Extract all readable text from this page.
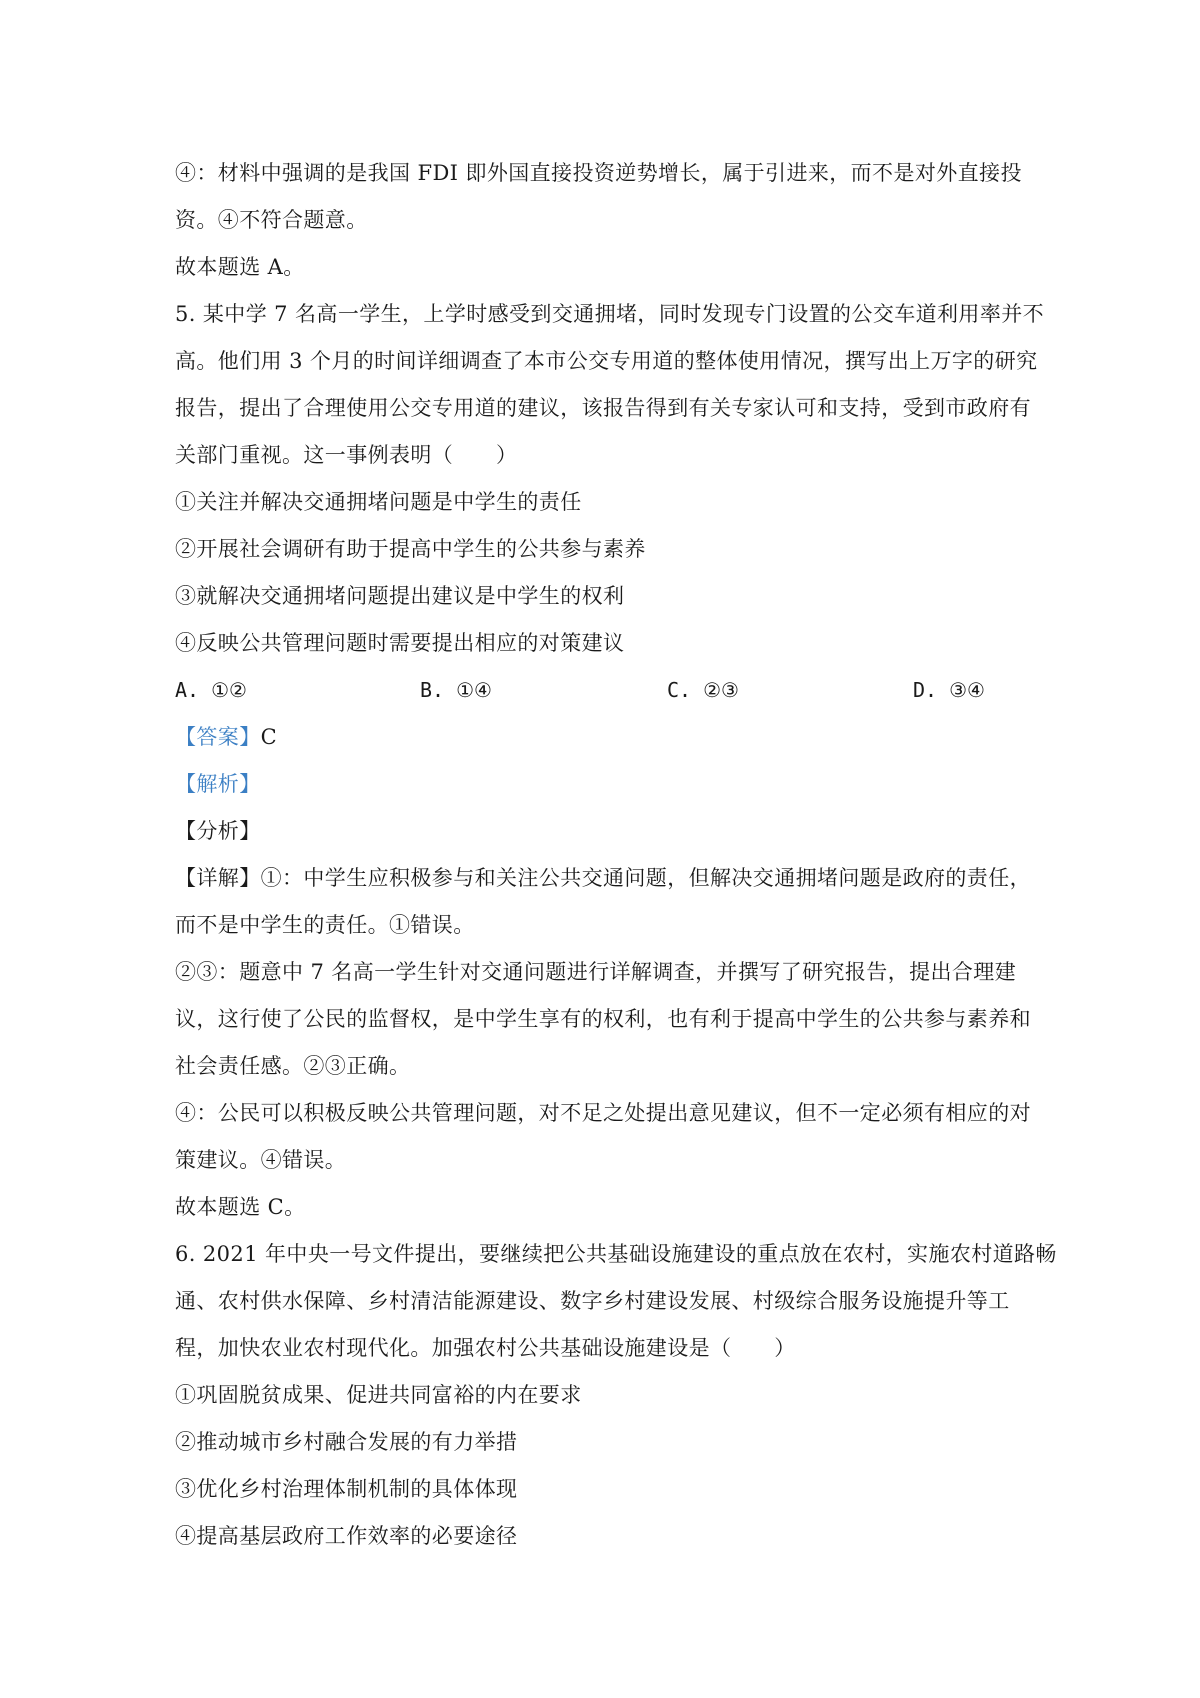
④：材料中强调的是我国 FDI 即外国直接投资逆势增长，属于引进来，而不是对外直接投
资。④不符合题意。
故本题选 A。
5. 某中学 7 名高一学生，上学时感受到交通拥堵，同时发现专门设置的公交车道利用率并不
高。他们用 3 个月的时间详细调查了本市公交专用道的整体使用情况，撰写出上万字的研究
报告，提出了合理使用公交专用道的建议，该报告得到有关专家认可和支持，受到市政府有
关部门重视。这一事例表明（　　）
①关注并解决交通拥堵问题是中学生的责任
②开展社会调研有助于提高中学生的公共参与素养
③就解决交通拥堵问题提出建议是中学生的权利
④反映公共管理问题时需要提出相应的对策建议
A. ①②	B. ①④	C. ②③	D. ③④
【答案】C
【解析】
【分析】
【详解】①：中学生应积极参与和关注公共交通问题，但解决交通拥堵问题是政府的责任，
而不是中学生的责任。①错误。
②③：题意中 7 名高一学生针对交通问题进行详解调查，并撰写了研究报告，提出合理建
议，这行使了公民的监督权，是中学生享有的权利，也有利于提高中学生的公共参与素养和
社会责任感。②③正确。
④：公民可以积极反映公共管理问题，对不足之处提出意见建议，但不一定必须有相应的对
策建议。④错误。
故本题选 C。
6. 2021 年中央一号文件提出，要继续把公共基础设施建设的重点放在农村，实施农村道路畅
通、农村供水保障、乡村清洁能源建设、数字乡村建设发展、村级综合服务设施提升等工
程，加快农业农村现代化。加强农村公共基础设施建设是（　　）
①巩固脱贫成果、促进共同富裕的内在要求
②推动城市乡村融合发展的有力举措
③优化乡村治理体制机制的具体体现
④提高基层政府工作效率的必要途径
